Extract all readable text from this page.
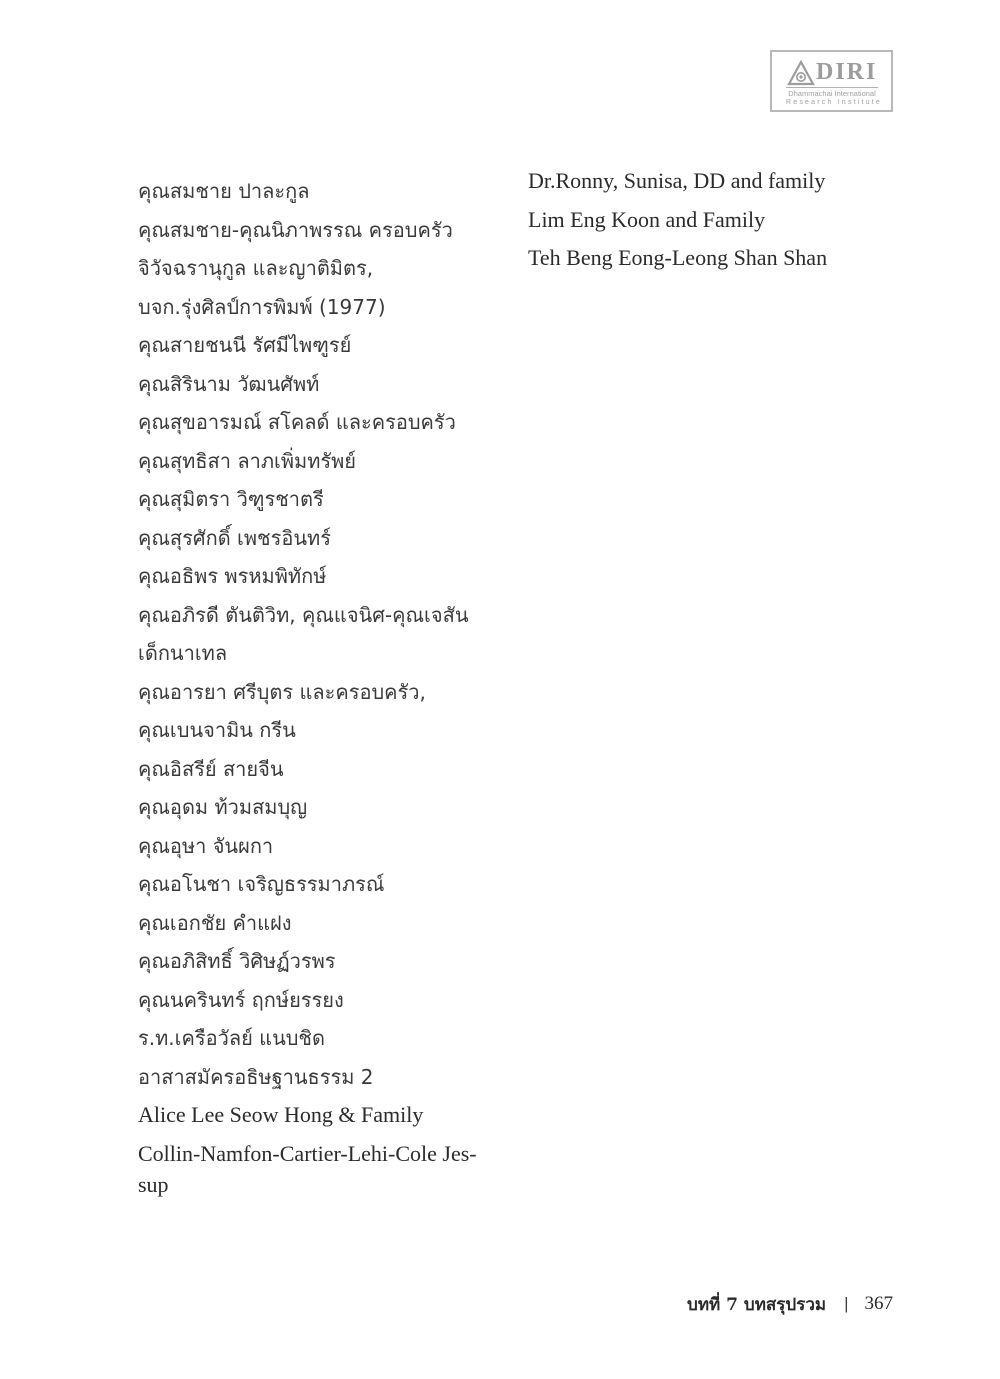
DIRI
Dhammachai International
Research Institute
คุณสมชาย ปาละกูล
คุณสมชาย-คุณนิภาพรรณ ครอบครัว
จิวัจฉรานุกูล และญาติมิตร,
บจก.รุ่งศิลป์การพิมพ์ (1977)
คุณสายชนนี รัศมีไพฑูรย์
คุณสิรินาม วัฒนศัพท์
คุณสุขอารมณ์ สโคลด์ และครอบครัว
คุณสุทธิสา ลาภเพิ่มทรัพย์
คุณสุมิตรา วิฑูรชาตรี
คุณสุรศักดิ์ เพชรอินทร์
คุณอธิพร พรหมพิทักษ์
คุณอภิรดี ตันติวิท, คุณแจนิศ-คุณเจสัน
เด็กนาเทล
คุณอารยา ศรีบุตร และครอบครัว,
คุณเบนจามิน กรีน
คุณอิสรีย์ สายจีน
คุณอุดม ท้วมสมบุญ
คุณอุษา จันผกา
คุณอโนชา เจริญธรรมาภรณ์
คุณเอกชัย คำแฝง
คุณอภิสิทธิ์ วิศิษฏ์วรพร
คุณนครินทร์ ฤกษ์ยรรยง
ร.ท.เครือวัลย์ แนบชิด
อาสาสมัครอธิษฐานธรรม 2
Alice Lee Seow Hong & Family
Collin-Namfon-Cartier-Lehi-Cole Jes-
sup
Dr.Ronny, Sunisa, DD and family
Lim Eng Koon and Family
Teh Beng Eong-Leong Shan Shan
บทที่ 7 บทสรุปรวม | 367
